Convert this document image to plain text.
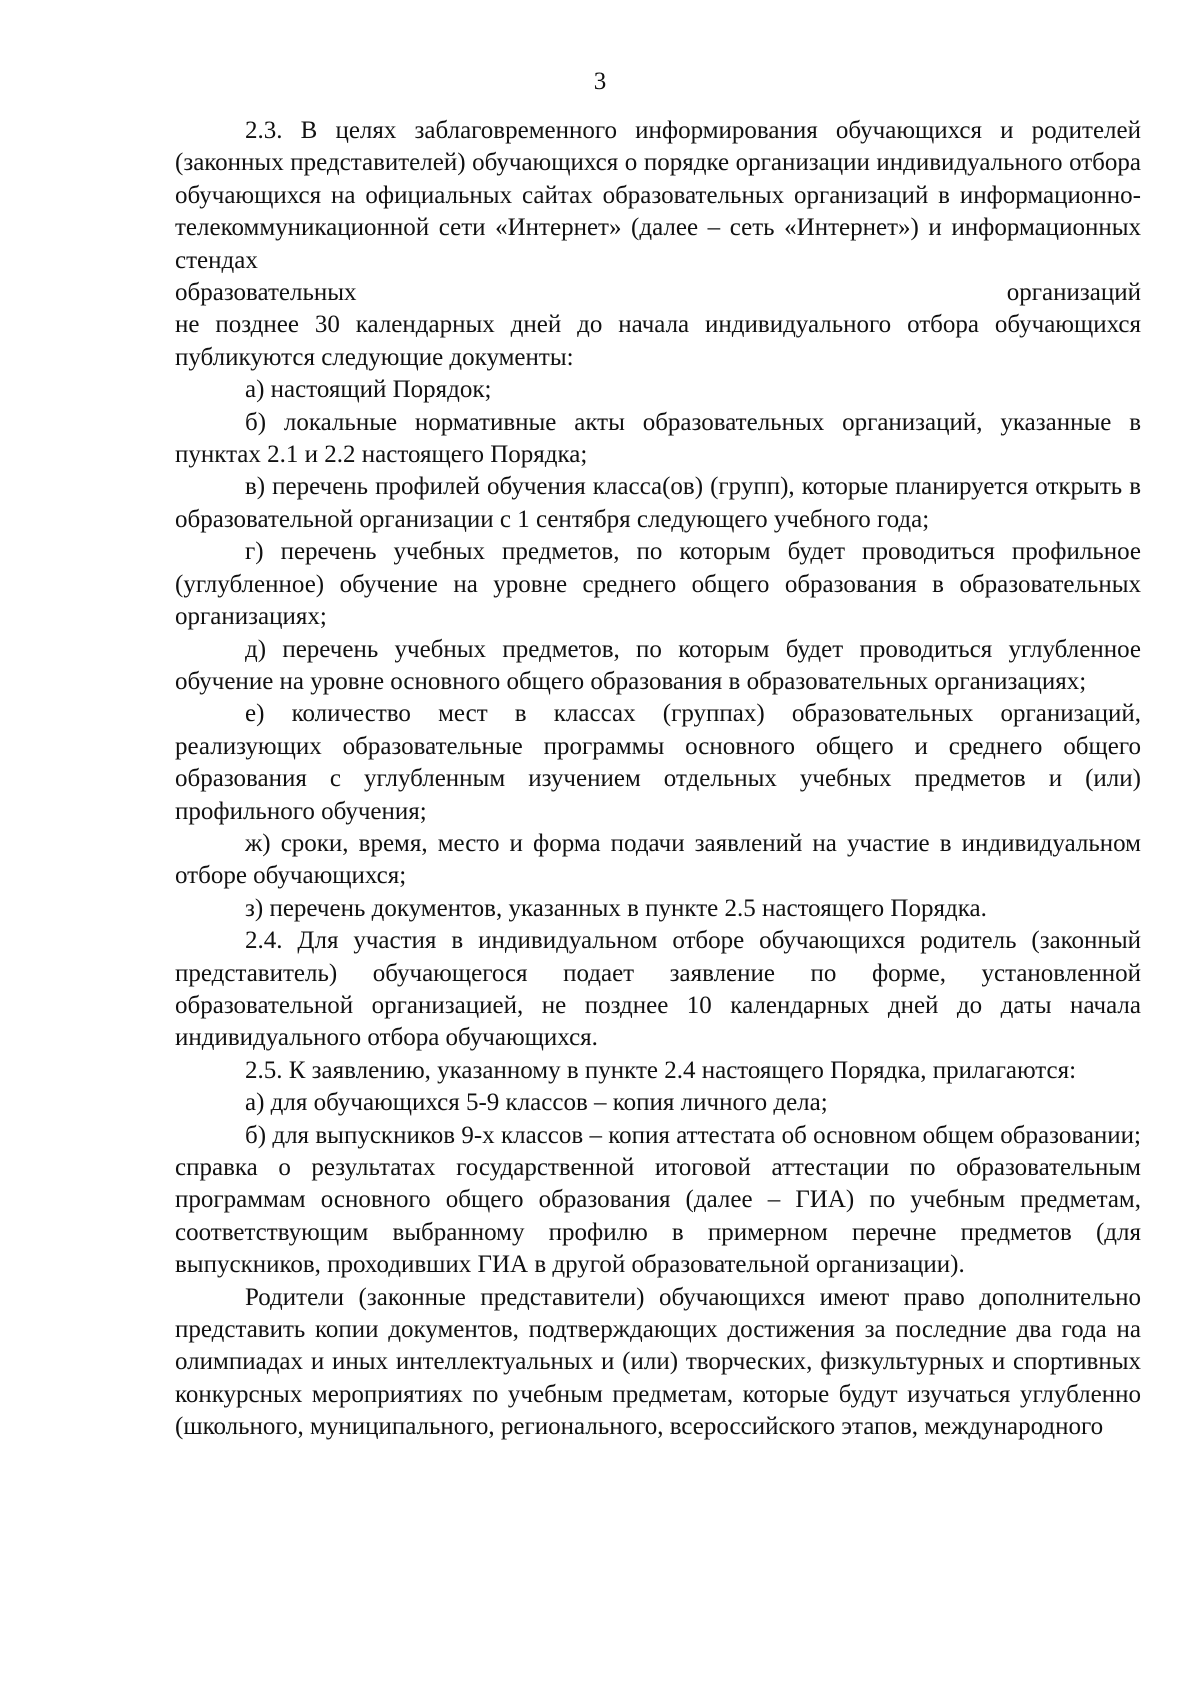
3

2.3. В целях заблаговременного информирования обучающихся и родителей (законных представителей) обучающихся о порядке организации индивидуального отбора обучающихся на официальных сайтах образовательных организаций в информационно-телекоммуникационной сети «Интернет» (далее – сеть «Интернет») и информационных стендах

образовательных	организаций

не позднее 30 календарных дней до начала индивидуального отбора обучающихся публикуются следующие документы:

а) настоящий Порядок;

б) локальные нормативные акты образовательных организаций, указанные в пунктах 2.1 и 2.2 настоящего Порядка;

в) перечень профилей обучения класса(ов) (групп), которые планируется открыть в образовательной организации с 1 сентября следующего учебного года;

г) перечень учебных предметов, по которым будет проводиться профильное (углубленное) обучение на уровне среднего общего образования в образовательных организациях;

д) перечень учебных предметов, по которым будет проводиться углубленное обучение на уровне основного общего образования в образовательных организациях;

е) количество мест в классах (группах) образовательных организаций, реализующих образовательные программы основного общего и среднего общего образования с углубленным изучением отдельных учебных предметов и (или) профильного обучения;

ж) сроки, время, место и форма подачи заявлений на участие в индивидуальном отборе обучающихся;

з) перечень документов, указанных в пункте 2.5 настоящего Порядка.

2.4. Для участия в индивидуальном отборе обучающихся родитель (законный представитель) обучающегося подает заявление по форме, установленной образовательной организацией, не позднее 10 календарных дней до даты начала индивидуального отбора обучающихся.

2.5. К заявлению, указанному в пункте 2.4 настоящего Порядка, прилагаются:

а) для обучающихся 5-9 классов – копия личного дела;

б) для выпускников 9-х классов – копия аттестата об основном общем образовании; справка о результатах государственной итоговой аттестации по образовательным программам основного общего образования (далее – ГИА) по учебным предметам, соответствующим выбранному профилю в примерном перечне предметов (для выпускников, проходивших ГИА в другой образовательной организации).

Родители (законные представители) обучающихся имеют право дополнительно представить копии документов, подтверждающих достижения за последние два года на олимпиадах и иных интеллектуальных и (или) творческих, физкультурных и спортивных конкурсных мероприятиях по учебным предметам, которые будут изучаться углубленно (школьного, муниципального, регионального, всероссийского этапов, международного
